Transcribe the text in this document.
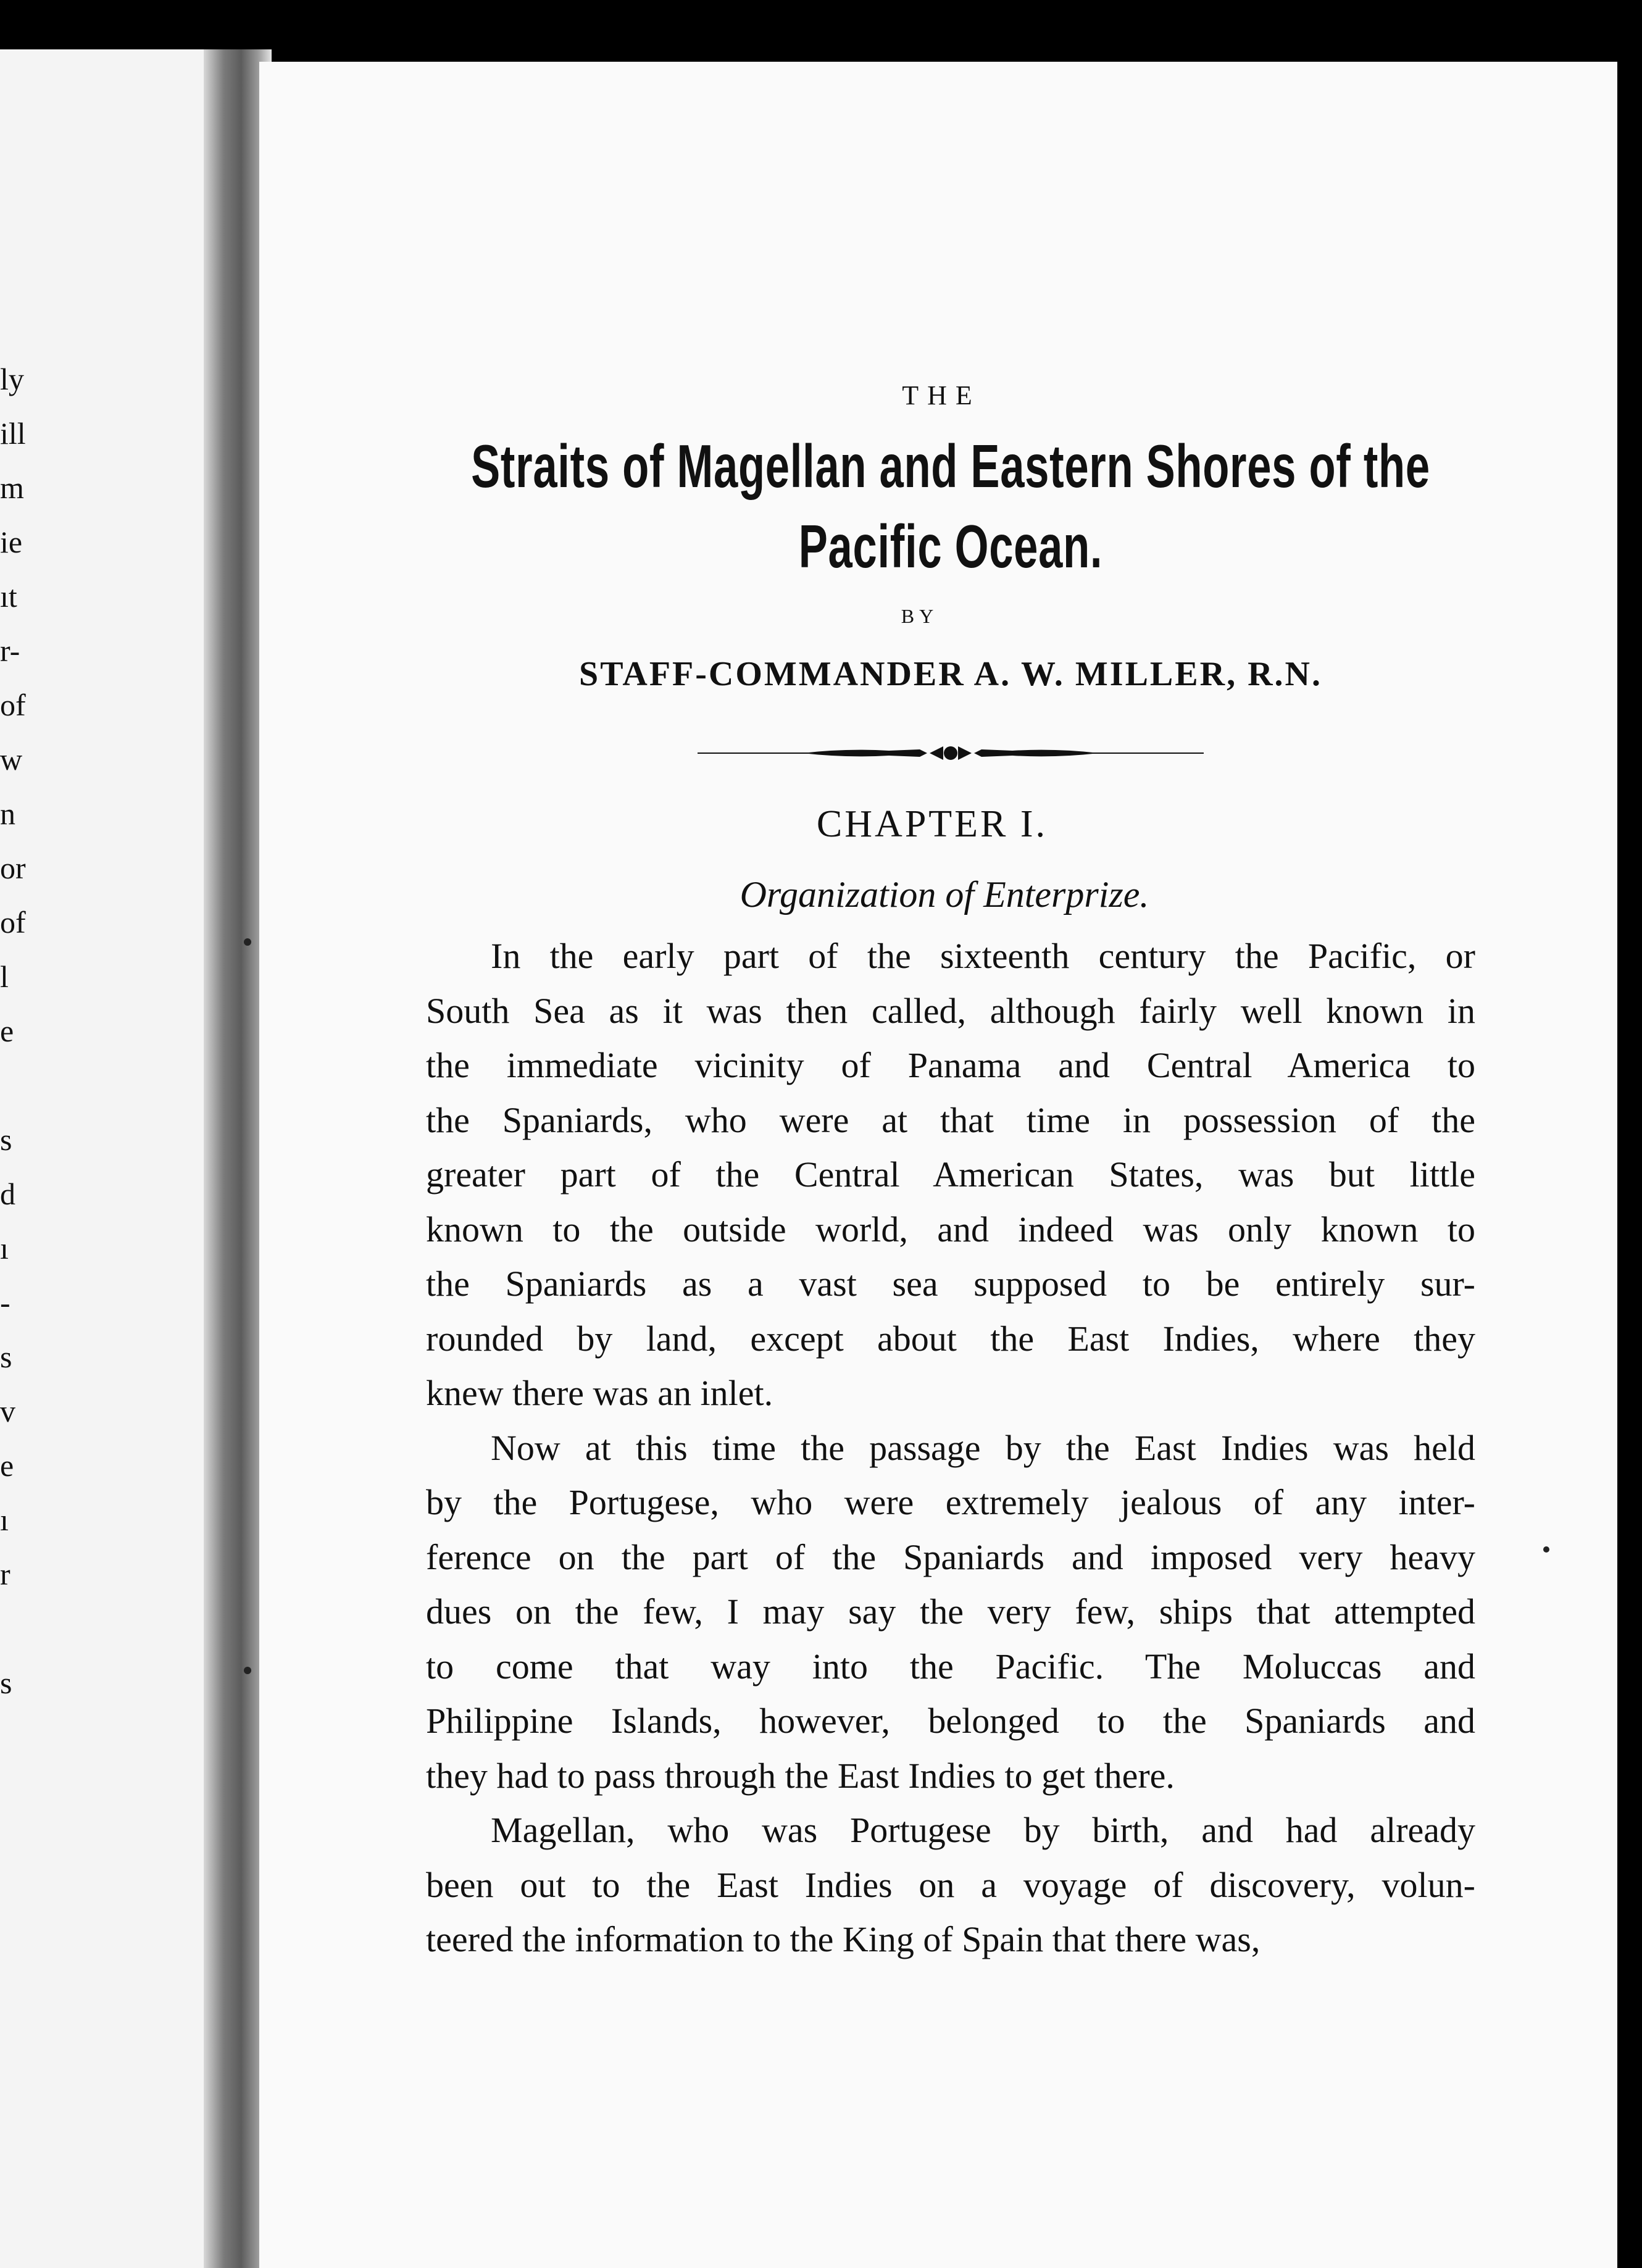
ly
ill
m
ie
ıt
r-
of
w
n
or
of
l
e
s
d
ı
-
s
v
e
ı
r
s
THE
Straits of Magellan and Eastern Shores of the
Pacific Ocean.
BY
STAFF-COMMANDER A. W. MILLER, R.N.
CHAPTER I.
Organization of Enterprize.

In the early part of the sixteenth century the Pacific, or
South Sea as it was then called, although fairly well known in
the immediate vicinity of Panama and Central America to
the Spaniards, who were at that time in possession of the
greater part of the Central American States, was but little
known to the outside world, and indeed was only known to
the Spaniards as a vast sea supposed to be entirely sur-
rounded by land, except about the East Indies, where they
knew there was an inlet.

Now at this time the passage by the East Indies was held
by the Portugese, who were extremely jealous of any inter-
ference on the part of the Spaniards and imposed very heavy
dues on the few, I may say the very few, ships that attempted
to come that way into the Pacific. The Moluccas and
Philippine Islands, however, belonged to the Spaniards and
they had to pass through the East Indies to get there.

Magellan, who was Portugese by birth, and had already
been out to the East Indies on a voyage of discovery, volun-
teered the information to the King of Spain that there was,
